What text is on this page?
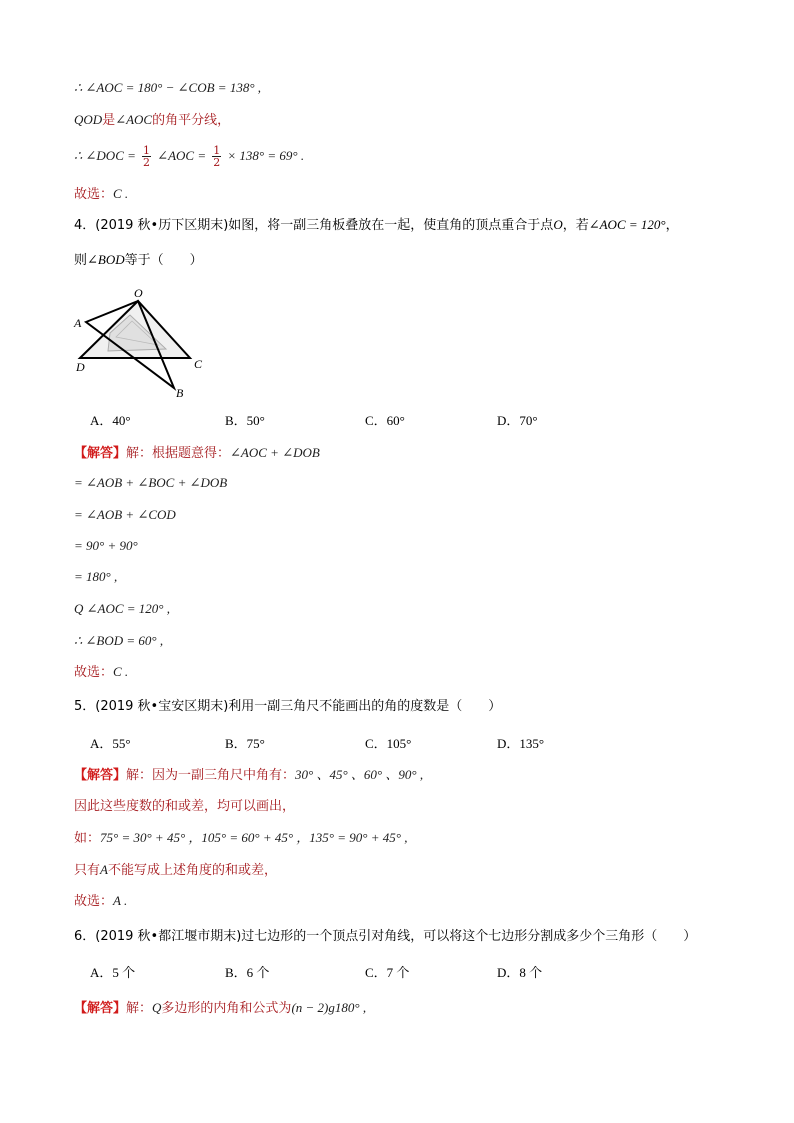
∴ ∠AOC = 180° − ∠COB = 138° ,
QOD是∠AOC的角平分线，
∴ ∠DOC = $\frac{1}{2}$ ∠AOC = $\frac{1}{2} \times 138^\circ = 69^\circ$ .
故选：C .
4．(2019 秋•历下区期末)如图，将一副三角板叠放在一起，使直角的顶点重合于点O，若∠AOC = 120°，
则∠BOD等于（　　）
O
A
D	C
B
A．40°	B．50°	C．60°	D．70°
【解答】解：根据题意得：∠AOC + ∠DOB
= ∠AOB + ∠BOC + ∠DOB
= ∠AOB + ∠COD
= 90° + 90°
= 180° ,
Q ∠AOC = 120° ,
∴ ∠BOD = 60° ,
故选：C .
5．(2019 秋•宝安区期末)利用一副三角尺不能画出的角的度数是（　　）
A．55°	B．75°	C．105°	D．135°
【解答】解：因为一副三角尺中角有：30° 、45° 、60° 、90° ,
因此这些度数的和或差，均可以画出，
如：75° = 30° + 45° ，105° = 60° + 45° ，135° = 90° + 45° ,
只有A不能写成上述角度的和或差，
故选：A .
6．(2019 秋•都江堰市期末)过七边形的一个顶点引对角线，可以将这个七边形分割成多少个三角形（　　）
A．5 个	B．6 个	C．7 个	D．8 个
【解答】解：Q多边形的内角和公式为(n − 2)g180° ,
